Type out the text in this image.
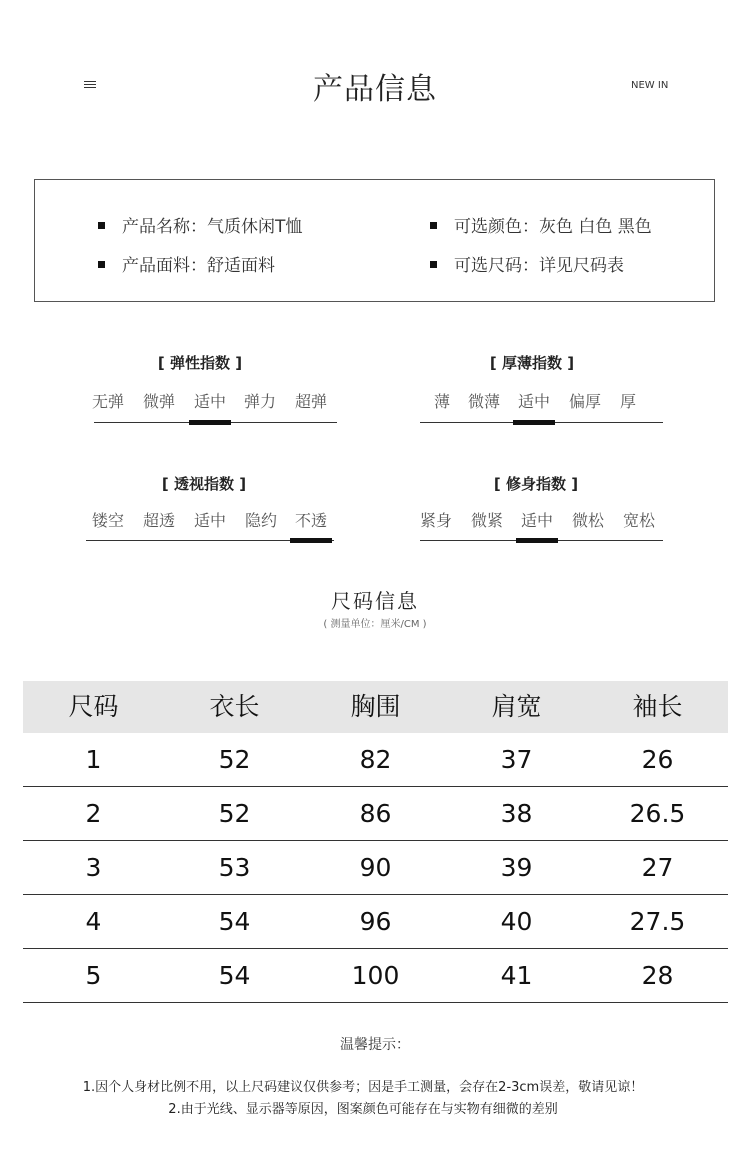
产品信息	NEW IN
产品名称：气质休闲T恤	可选颜色：灰色 白色 黑色
产品面料：舒适面料	可选尺码：详见尺码表
[ 弹性指数 ]
无弹 微弹 适中 弹力 超弹
[ 厚薄指数 ]
薄 微薄 适中 偏厚 厚
[ 透视指数 ]
镂空 超透 适中 隐约 不透
[ 修身指数 ]
紧身 微紧 适中 微松 宽松
尺码信息
( 测量单位：厘米/CM )
尺码	衣长	胸围	肩宽	袖长
1	52	82	37	26
2	52	86	38	26.5
3	53	90	39	27
4	54	96	40	27.5
5	54	100	41	28
温馨提示：
1.因个人身材比例不用，以上尺码建议仅供参考；因是手工测量，会存在2-3cm误差，敬请见谅！
2.由于光线、显示器等原因，图案颜色可能存在与实物有细微的差别
